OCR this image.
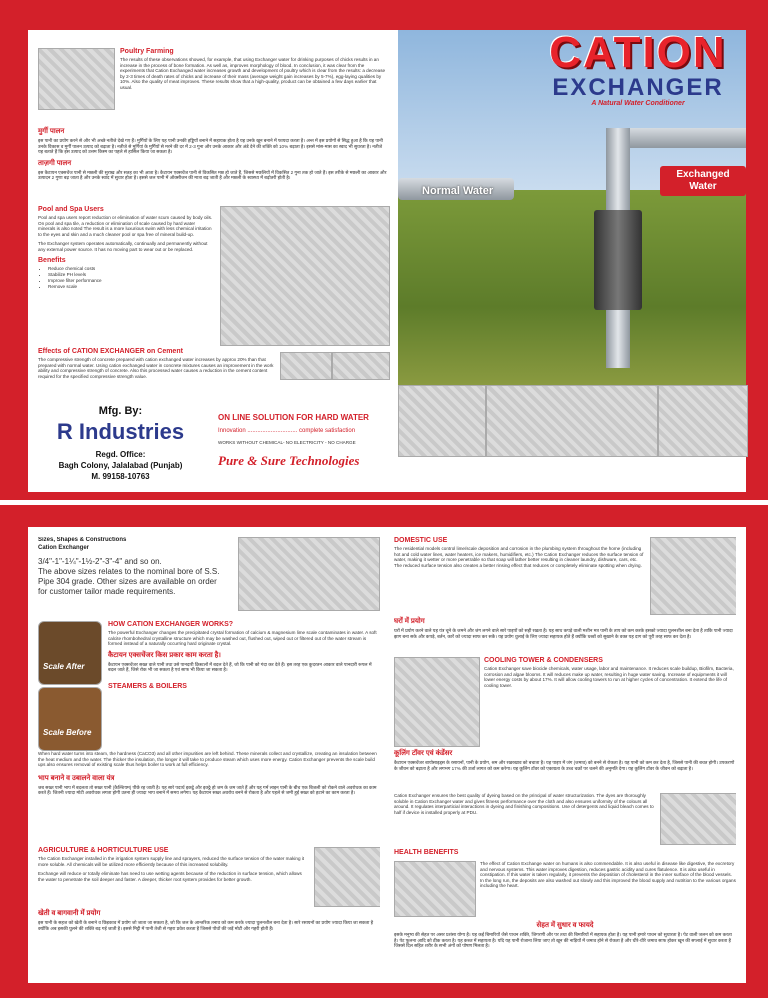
Poultry Farming
The results of these observations showed, for example, that using Exchanger water for drinking purposes of chicks results in an increase in the process of bone formation. As well as, improves morphology of blood. In conclusion, it was clear from the experiments that Cation Exchanged water increases growth and development of poultry which is clear from the results: a decrease by 2-3 times of death rates of chicks and increase of their mass (average weight gain increases by 5-7%), egg-laying qualities by 10%. Also the quality of meat improves. These results show that a high-quality, product can be obtained a few days earlier that usual.
मुर्गी पालन
इस पानी का प्रयोग करने से और भी अच्छे नतीजे देखे गए हैं। मुर्गियों के लिए यह पानी उनकी हड्डियों बनाने में सहायक होता है यह उनके खून बनाने में फायदा करता है। अन्त में इस प्रयोगों से सिद्ध हुआ है कि यह पानी उनके विकास व मुर्गी पालन उत्पाद को बढ़ाता है। नतीजे से मुर्गियां के मुर्गियों से मरने की दर में 2-3 गुना और उनके आकार और अंडे देने की शक्ति को 10% बढ़ाता है। इससे मांस-मास का स्वाद भी सुधरता है। नतीजे यह बताते हैं कि इस उत्पाद को उत्तम किस्म का पहले से हासिल किया जा सकता है।
ताज़गी पालन
इस कैटायन एक्सचेंज पानी से मछली की सुराख और सतह का भी आता है। कैटायन एक्सचेंज पानी से विकसित मछ हो जाते हैं, जिससे मछलियों में विकसित 2 गुना तक हो जाते हैं। इस तरीके से मछली का आकार और उत्पादन 2 गुणा बढ़ जाता है और उनके स्वाद में सुधार होता है। इससे जल पानी में ऑक्सीजन की मात्रा बढ़ जाती है और मछली के स्वास्थ्य में बढ़ोतरी होती है।
Pool and Spa Users
Pool and spa users report reduction or elimination of water scum caused by body oils. On pool and spa tile, a reduction or elimination of scale caused by hard water minerals is also noted The result is a more luxurious swim with less chemical irritation to the eyes and skin and a much cleaner pool or spa free of mineral build-up.
The Exchanger system operates automatically, continually and permanently without any external power source. It has no moving part to wear out or be replaced.
Benefits
• Reduce chemical costs
• Stabilize PH levels
• Improve filter performance
• Remove scale
Effects of CATION EXCHANGER on Cement
The compressive strength of concrete prepared with cation exchanged water increases by approx 20% than that prepared with normal water. Using cation exchanged water in concrete mixtures causes an improvement in the work ability and compressive strength of concrete. Also this processed water causes a reduction in the cement content required for the specified compressive strength value.
CATION
EXCHANGER
A Natural Water Conditioner
Normal Water
Exchanged Water
Mfg. By:
R Industries
Regd. Office:
Bagh Colony, Jalalabad (Punjab)
M. 99158-10763
ON LINE SOLUTION FOR HARD WATER
Innovation .............................. complete satisfaction
WORKS WITHOUT CHEMICAL- NO ELECTRICITY - NO CHARGE
Pure & Sure Technologies
Sizes, Shapes & Constructions
Cation Exchanger
3/4"-1"-1¼"-1½-2"-3"-4" and so on.
The above sizes relates to the nominal bore of S.S. Pipe 304 grade. Other sizes are available on order for customer tailor made requirements.
Scale After
Scale Before
HOW CATION EXCHANGER WORKS?
The powerful Exchanger changes the precipitated crystal formation of calcium & magnesium lime scale contaminates in water. A soft calcite rhombohedral crystalline structure which may be washed out, flushed out, wiped out or filtered out of the water stream is formed instead of a naturally occurring hard originate crystal.
कैटायन एक्सचेंजर किस प्रकार काम करता है।
कैटायन एक्सचेंजर सख्त वाले पानी तथा उसे पानदारी क्रिस्टलों में बदल देते हैं, जो कि पानी को गंदा कर देते हैं। इस तरह एक कुदरतन आकार वाले पानदारी रूपल में बदल जाते हैं, जिसे रोक भी जा सकता है एवं साफ भी किया जा सकता है।
STEAMERS & BOILERS
When hard water turns into steam, the hardness (CaCO3) and all other impurities are left behind. These minerals collect and crystallize, creating an insulation between the heat medium and the water. The thicker the insulation, the longer it will take to produce steam which uses more energy. Cation Exchanger prevents the scale build ups also ensures removal of existing scale thus helps boiler to work at full efficiency.
भाप बनाने व उबालने वाला यंत्र
जब सख्त पानी भाप में बदलता तो सख्त पानी (कैल्शियम) पीछे रह जाती है। यह सारे पदार्थ इकट्ठे और इक्ठ्ठे हो जम के जम जाते हैं और यह गर्म लाइन पानी के बीच एक बिजली को रोकने वाले अवरोधक का काम करते हैं। जितनी ज्यादा मोटी अवरोधक लगता होगी उतना ही ज्यादा भाप बनाने में समय लगेगा। यह कैटायन सख्त अवरोध बनने से रोकता है और पहले से जमी हुई सख्त को हटाने का काम करता है।
AGRICULTURE & HORTICULTURE USE
The Cation Exchanger installed in the irrigation system supply line and sprayers, reduced the surface tension of the water making it more soluble. All chemicals will be utilized more efficiently because of this increased solubility.
Exchange will reduce or totally eliminate has need to use wetting agents because of the reduction in surface tension, which allows the water to penetrate the soil deeper and faster. A deeper, thicker root system provides for better growth.
खेती व बागवानी में प्रयोग
इस पानी के सहज को खेती के बनाने व छिड़काव में प्रयोग जो जाता जा सकता है, जो कि जल के आन्तरिक तनाव को कम करके ज्यादा घुलनशील बना देता है। सारे रसायनों का प्रयोग ज्यादा किया जा सकता है क्योंकि अब इसकी घुलने की शक्ति बढ़ गई जाती है। इससे मिट्टी में पानी तेजी से गहरा प्रवेश करता है जिससे पौधों की जड़ें मोटी और गहरी होती हैं।
DOMESTIC USE
The residential models control lime/scale deposition and corrosion in the plumbing system throughout the home (including hot and cold water lines, water heaters, ice makers, humidifiers, etc.) The Cation Exchanger reduces the surface tension of water, making it wetter or more penetrable so that soap will lather better resulting in cleaner laundry, dishware, cars, etc. The reduced surface tension also creates a better rinsing effect that reduces or completely eliminate spotting when drying.
घरों में प्रयोग
घरों में प्रयोग करने वाले यह यंत्र चूने के जमने और जंग लगने वाले सारे पाइपों को सही रखता है। यह साथ कपड़े वाली मशीन मत्र पानी के ताप को कम करके इसको ज्यादा घुलनशील बना देता है ताकि पानी ज्यादा झाग बना सके और कपड़े, बर्तन, कारें को ज्यादा साफ कर सकें। यह प्रयोग धुलाई के लिए ज्यादा सहायक होते हैं क्योंकि धब्बों को सुखाने के वक्त यह दाग को पूरी तरह साफ कर देता है।
COOLING TOWER & CONDENSERS
Cation Exchanger save biocide chemicals, water usage, labor and maintenance. It reduces scale buildup, Biofilm, Bacteria, corrosion and algae blooms. It will reduces make up water, resulting in huge water saving. Increase of equipments it will lower energy costs by about 17%. It will allow cooling towers to run at higher cycles of concentration. It extend the life of cooling tower.
कूलिंग टॉवर एवं कंडेंसर
कैटायन एक्सचेंजर बायोसाइड्स के रसायनों, पानी के प्रयोग, श्रम और रखरखाव को बचाता है। यह पाइप में जंग (जमाव) को बनने से रोकता है। यह पानी को कम कर देता है, जिससे पानी की बचत होगी। उपकरणों के जीवन को बढ़ाता है और लगभग 17% की उर्जा लागत को कम करेगा। यह कूलिंग टॉवर को एकाग्रता के उच्च चक्रों पर चलने की अनुमति देगा। यह कूलिंग टॉवर के जीवन को बढ़ाता है।
Cation Exchanger ensures the best quality of dyeing based on the principal of water structurization. The dyes are thoroughly soluble in Cation Exchanger water and gives fitness performance over the cloth and also ensures uniformity of the colours all around. It regulates interparticial interactions in dyeing and finishing compositions. Use of detergents and liquid bleach comes to half if device is installed properly at PDU.
HEALTH BENEFITS
The effect of Cation Exchange water on humans is also commendable. It is also useful in disease like digestive, the excretory and nervous systems. This water improves digestion, reduces gastric acidity and cures flatulence. It is also useful in constipation. If this water is taken regularly, it prevents the deposition of cholesterol in the inner surface of the blood vessels. In the long run, the deposits are also washed out slowly and this improved the blood supply and nutrition to the various organs including the heart.
सेहत में सुधार व फायदे
इसके मनुष्य की सेहत पर असर प्रशंसा योग्य है। यह कई बिमारियों जैसे पाचन शक्ति, जिगरणी और पर तथा की बिमारियों में सहायक होता है। यह पानी हमारे पाचन को सुधारता है। पेट वाली जलन को कम करता है। पेट फूलना आदि को ठीक करता है। यह कब्ज में सहायता है। यदि यह पानी रोजाना लिया जाए तो खून की नाड़ियों में जमाव होने से रोकता है और धीरे-धीरे जमाव साफ होकर खून की सप्लाई में सुधार करता है जिससे दिल सहित शरीर के सभी अंगों को पोषण मिलता है।
